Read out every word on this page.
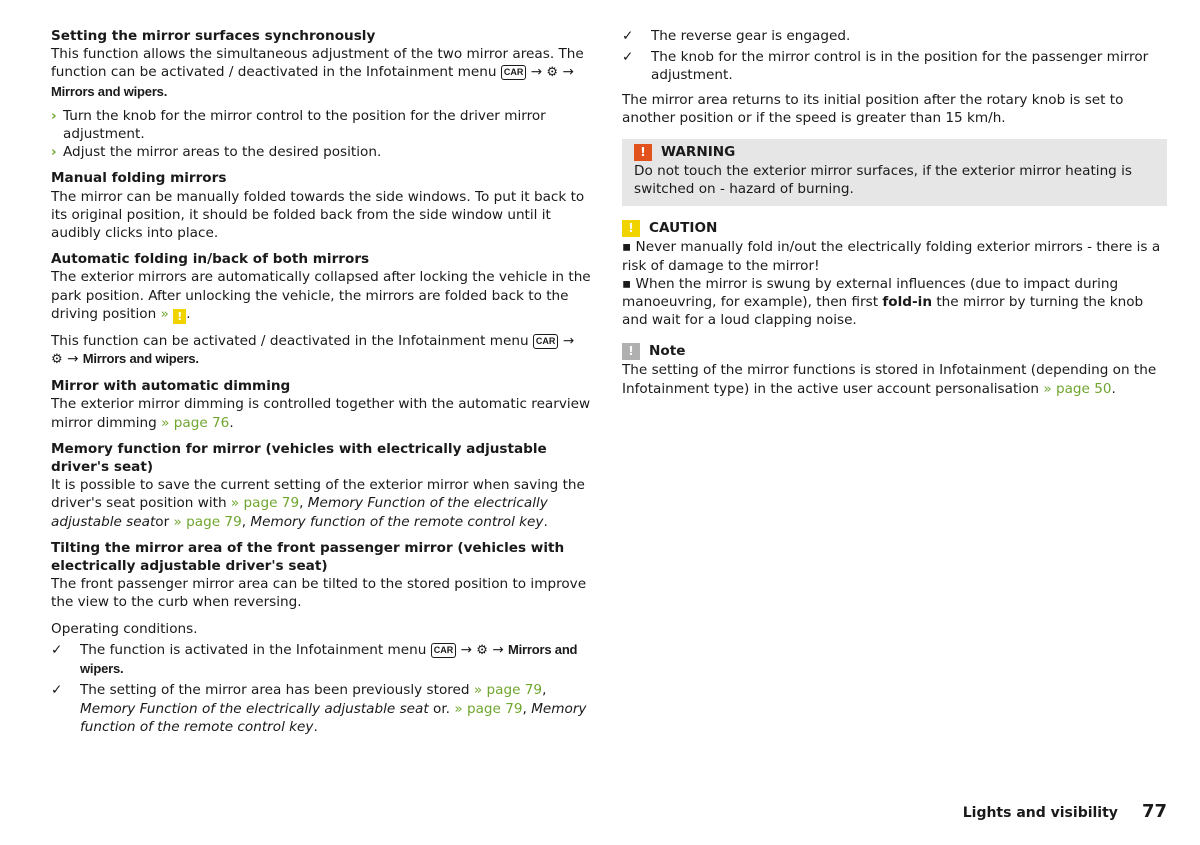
Setting the mirror surfaces synchronously

This function allows the simultaneous adjustment of the two mirror areas. The function can be activated / deactivated in the Infotainment menu CAR → ⚙ →
Mirrors and wipers.

› Turn the knob for the mirror control to the position for the driver mirror adjustment.
› Adjust the mirror areas to the desired position.

Manual folding mirrors

The mirror can be manually folded towards the side windows. To put it back to its original position, it should be folded back from the side window until it audibly clicks into place.

Automatic folding in/back of both mirrors

The exterior mirrors are automatically collapsed after locking the vehicle in the park position. After unlocking the vehicle, the mirrors are folded back to the driving position » ! .

This function can be activated / deactivated in the Infotainment menu CAR →
⚙ → Mirrors and wipers.

Mirror with automatic dimming

The exterior mirror dimming is controlled together with the automatic rearview mirror dimming » page 76.

Memory function for mirror (vehicles with electrically adjustable driver's seat)

It is possible to save the current setting of the exterior mirror when saving the driver's seat position with » page 79, Memory Function of the electrically adjustable seator » page 79, Memory function of the remote control key.

Tilting the mirror area of the front passenger mirror (vehicles with electrically adjustable driver's seat)

The front passenger mirror area can be tilted to the stored position to improve the view to the curb when reversing.

Operating conditions.

✓ The function is activated in the Infotainment menu CAR → ⚙ → Mirrors and wipers.
✓ The setting of the mirror area has been previously stored » page 79, Memory Function of the electrically adjustable seat or. » page 79, Memory function of the remote control key.
✓ The reverse gear is engaged.
✓ The knob for the mirror control is in the position for the passenger mirror adjustment.

The mirror area returns to its initial position after the rotary knob is set to another position or if the speed is greater than 15 km/h.

!	WARNING

Do not touch the exterior mirror surfaces, if the exterior mirror heating is switched on - hazard of burning.

!	CAUTION

▪ Never manually fold in/out the electrically folding exterior mirrors - there is a risk of damage to the mirror!

▪ When the mirror is swung by external influences (due to impact during manoeuvring, for example), then first fold-in the mirror by turning the knob and wait for a loud clapping noise.

!	Note

The setting of the mirror functions is stored in Infotainment (depending on the Infotainment type) in the active user account personalisation » page 50.

Lights and visibility 77
